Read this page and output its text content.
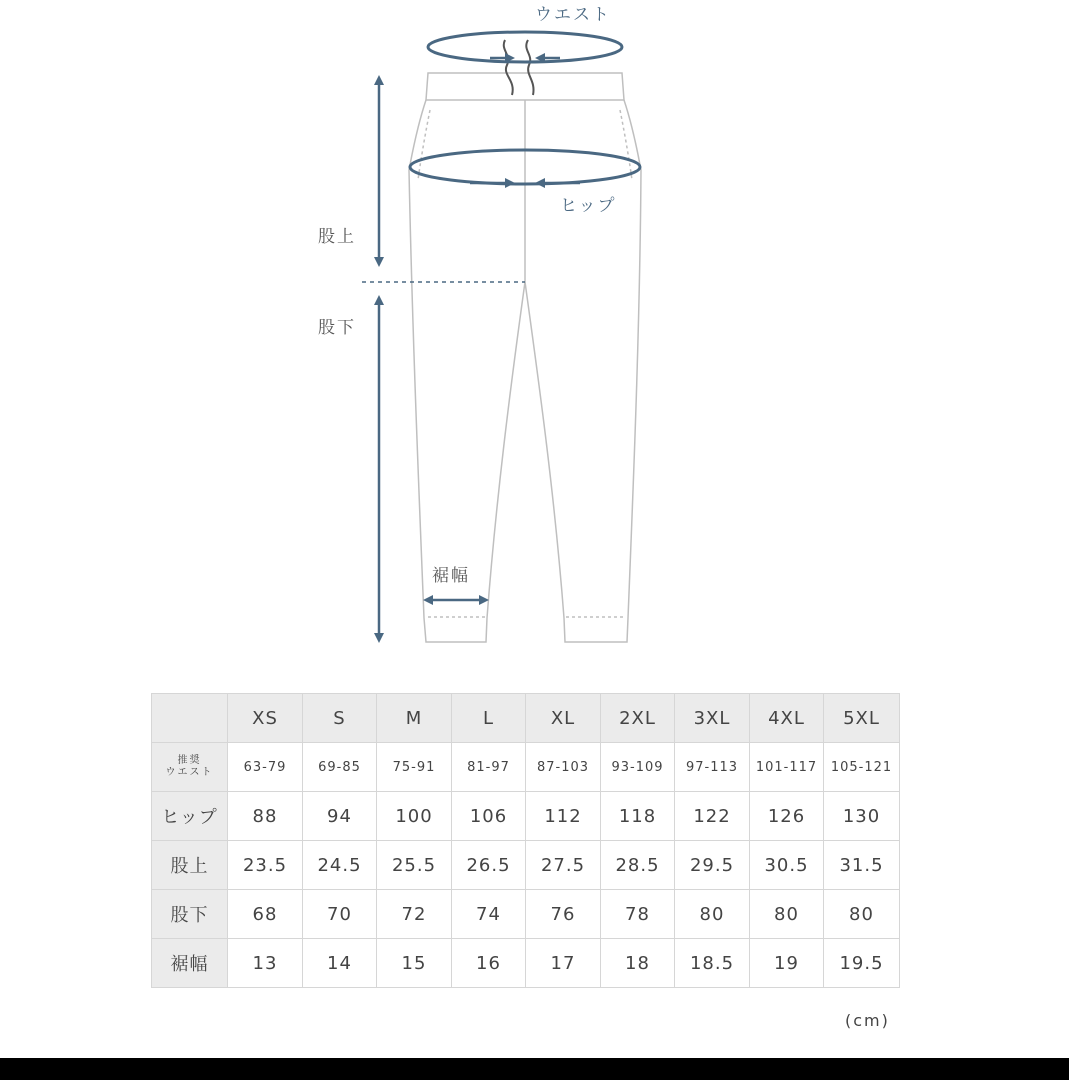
ウエスト
ヒップ
股上
股下
裾幅
	XS	S	M	L	XL	2XL	3XL	4XL	5XL

推奨
ウエスト	63-79	69-85	75-91	81-97	87-103	93-109	97-113	101-117	105-121
ヒップ	88	94	100	106	112	118	122	126	130
股上	23.5	24.5	25.5	26.5	27.5	28.5	29.5	30.5	31.5
股下	68	70	72	74	76	78	80	80	80
裾幅	13	14	15	16	17	18	18.5	19	19.5
(cm)
